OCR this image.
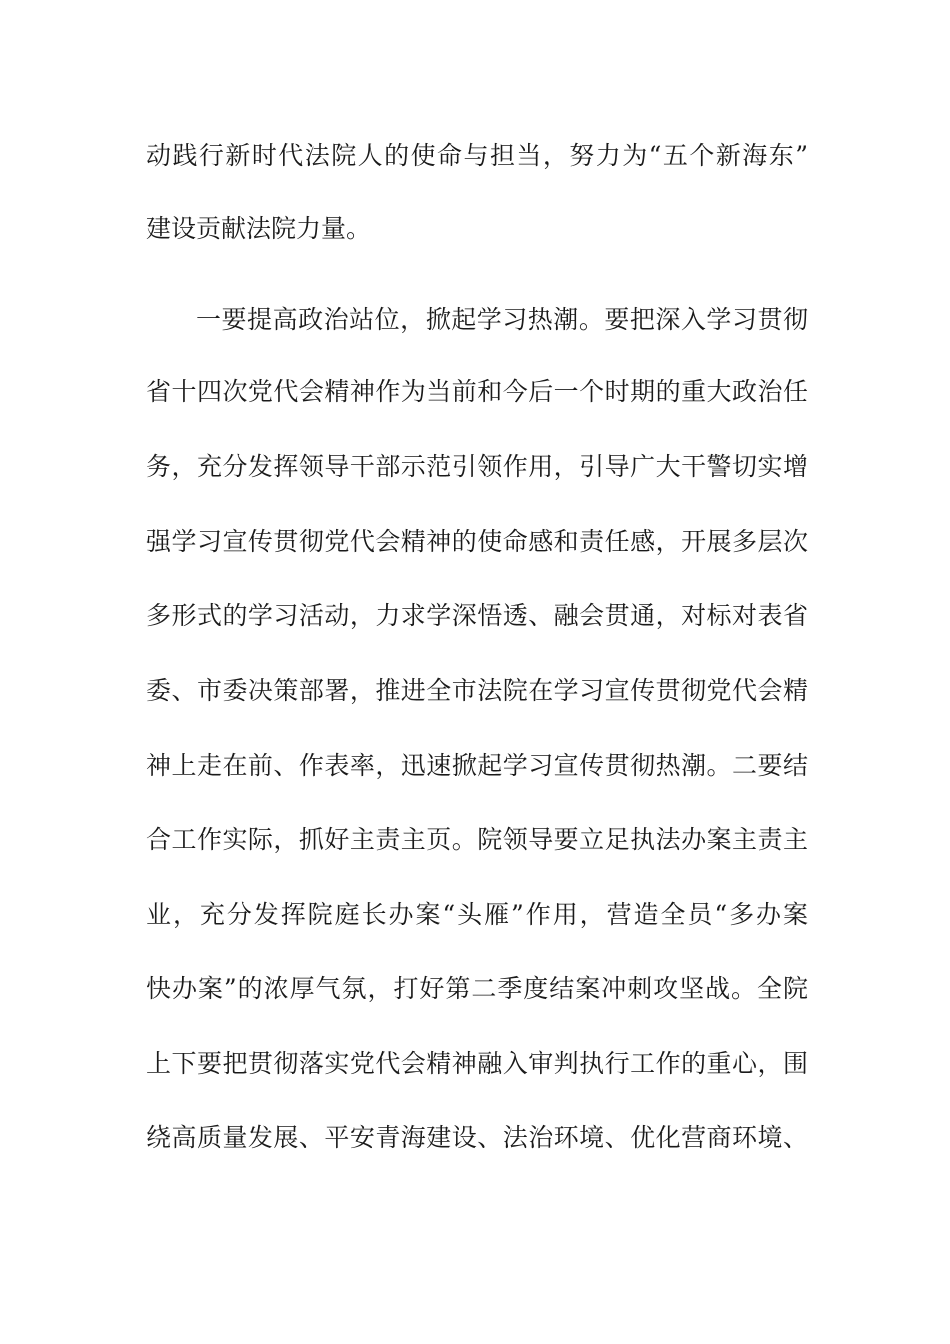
动践行新时代法院人的使命与担当，努力为“五个新海东”
建设贡献法院力量。
一要提高政治站位，掀起学习热潮。要把深入学习贯彻
省十四次党代会精神作为当前和今后一个时期的重大政治任
务，充分发挥领导干部示范引领作用，引导广大干警切实增
强学习宣传贯彻党代会精神的使命感和责任感，开展多层次
多形式的学习活动，力求学深悟透、融会贯通，对标对表省
委、市委决策部署，推进全市法院在学习宣传贯彻党代会精
神上走在前、作表率，迅速掀起学习宣传贯彻热潮。二要结
合工作实际，抓好主责主页。院领导要立足执法办案主责主
业，充分发挥院庭长办案“头雁”作用，营造全员“多办案
快办案”的浓厚气氛，打好第二季度结案冲刺攻坚战。全院
上下要把贯彻落实党代会精神融入审判执行工作的重心，围
绕高质量发展、平安青海建设、法治环境、优化营商环境、
